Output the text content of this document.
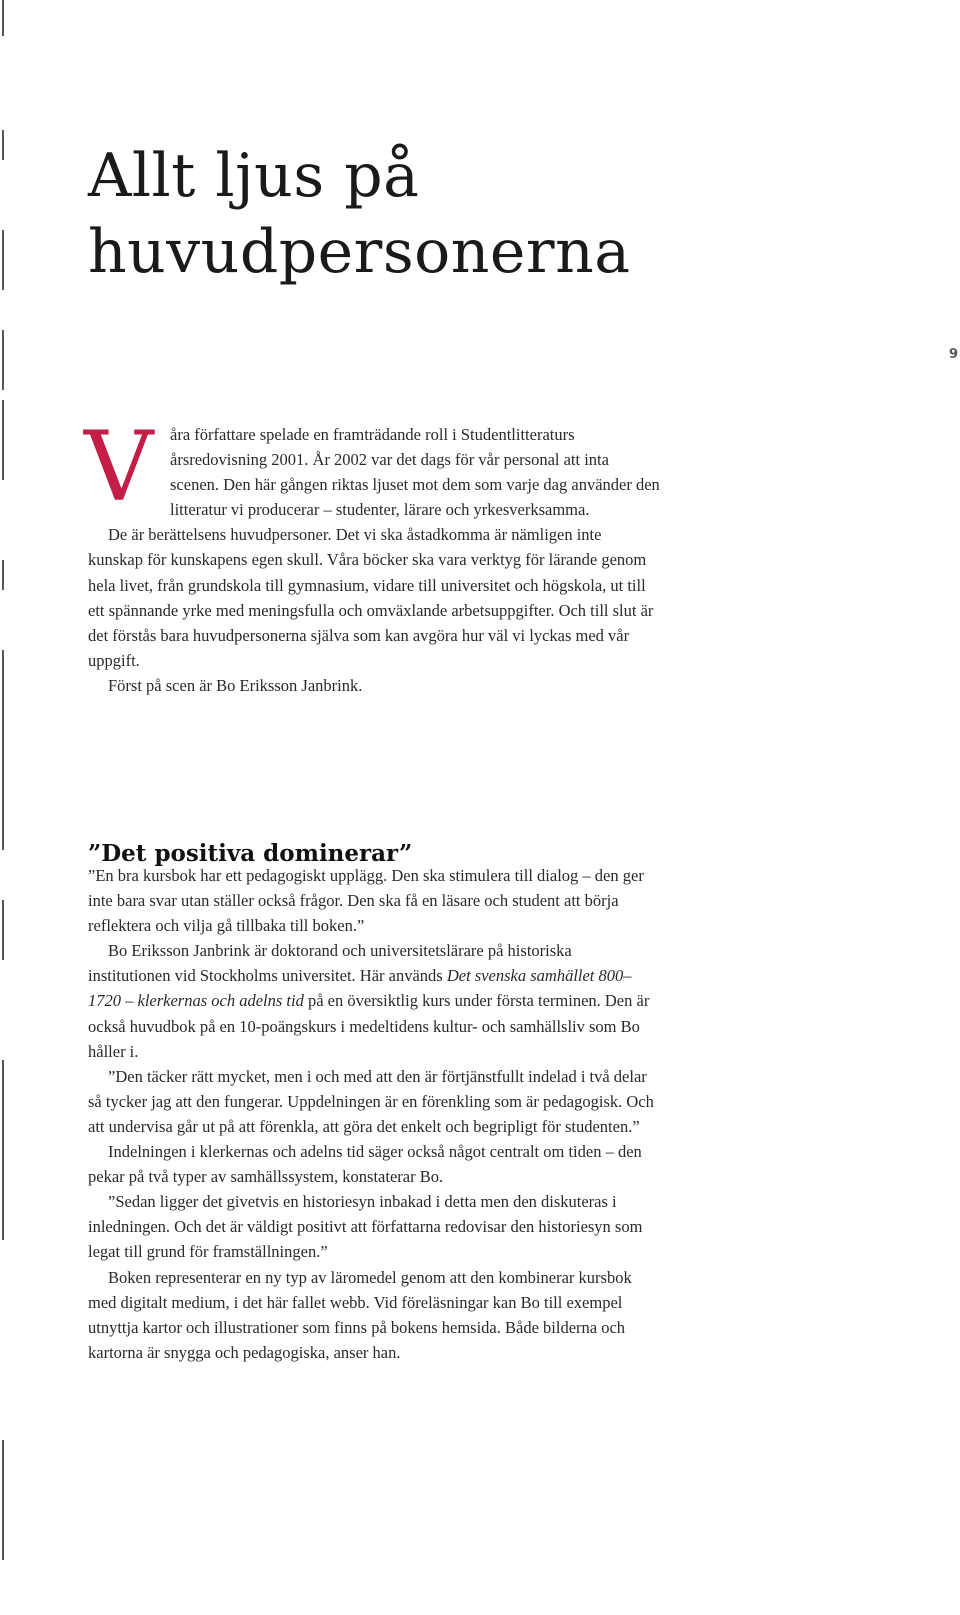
Allt ljus på
huvudpersonerna
9

V	åra författare spelade en framträdande roll i Studentlitteraturs årsredovisning 2001. År 2002 var det dags för vår personal att inta scenen. Den här gången riktas ljuset mot dem som varje dag använder den litteratur vi producerar – studenter, lärare och yrkesverksamma.

De är berättelsens huvudpersoner. Det vi ska åstadkomma är nämligen inte kunskap för kunskapens egen skull. Våra böcker ska vara verktyg för lärande genom hela livet, från grundskola till gymnasium, vidare till universitet och högskola, ut till ett spännande yrke med meningsfulla och omväxlande arbetsuppgifter. Och till slut är det förstås bara huvudpersonerna själva som kan avgöra hur väl vi lyckas med vår uppgift.

Först på scen är Bo Eriksson Janbrink.

”Det positiva dominerar”

”En bra kursbok har ett pedagogiskt upplägg. Den ska stimulera till dialog – den ger inte bara svar utan ställer också frågor. Den ska få en läsare och student att börja reflektera och vilja gå tillbaka till boken.”

Bo Eriksson Janbrink är doktorand och universitetslärare på historiska institutionen vid Stockholms universitet. Här används Det svenska samhället 800–1720 – klerkernas och adelns tid på en översiktlig kurs under första terminen. Den är också huvudbok på en 10-poängskurs i medeltidens kultur- och samhällsliv som Bo håller i.

”Den täcker rätt mycket, men i och med att den är förtjänstfullt indelad i två delar så tycker jag att den fungerar. Uppdelningen är en förenkling som är pedagogisk. Och att undervisa går ut på att förenkla, att göra det enkelt och begripligt för studenten.”

Indelningen i klerkernas och adelns tid säger också något centralt om tiden – den pekar på två typer av samhällssystem, konstaterar Bo.

”Sedan ligger det givetvis en historiesyn inbakad i detta men den diskuteras i inledningen. Och det är väldigt positivt att författarna redovisar den historiesyn som legat till grund för framställningen.”

Boken representerar en ny typ av läromedel genom att den kombinerar kursbok med digitalt medium, i det här fallet webb. Vid föreläsningar kan Bo till exempel utnyttja kartor och illustrationer som finns på bokens hemsida. Både bilderna och kartorna är snygga och pedagogiska, anser han.
